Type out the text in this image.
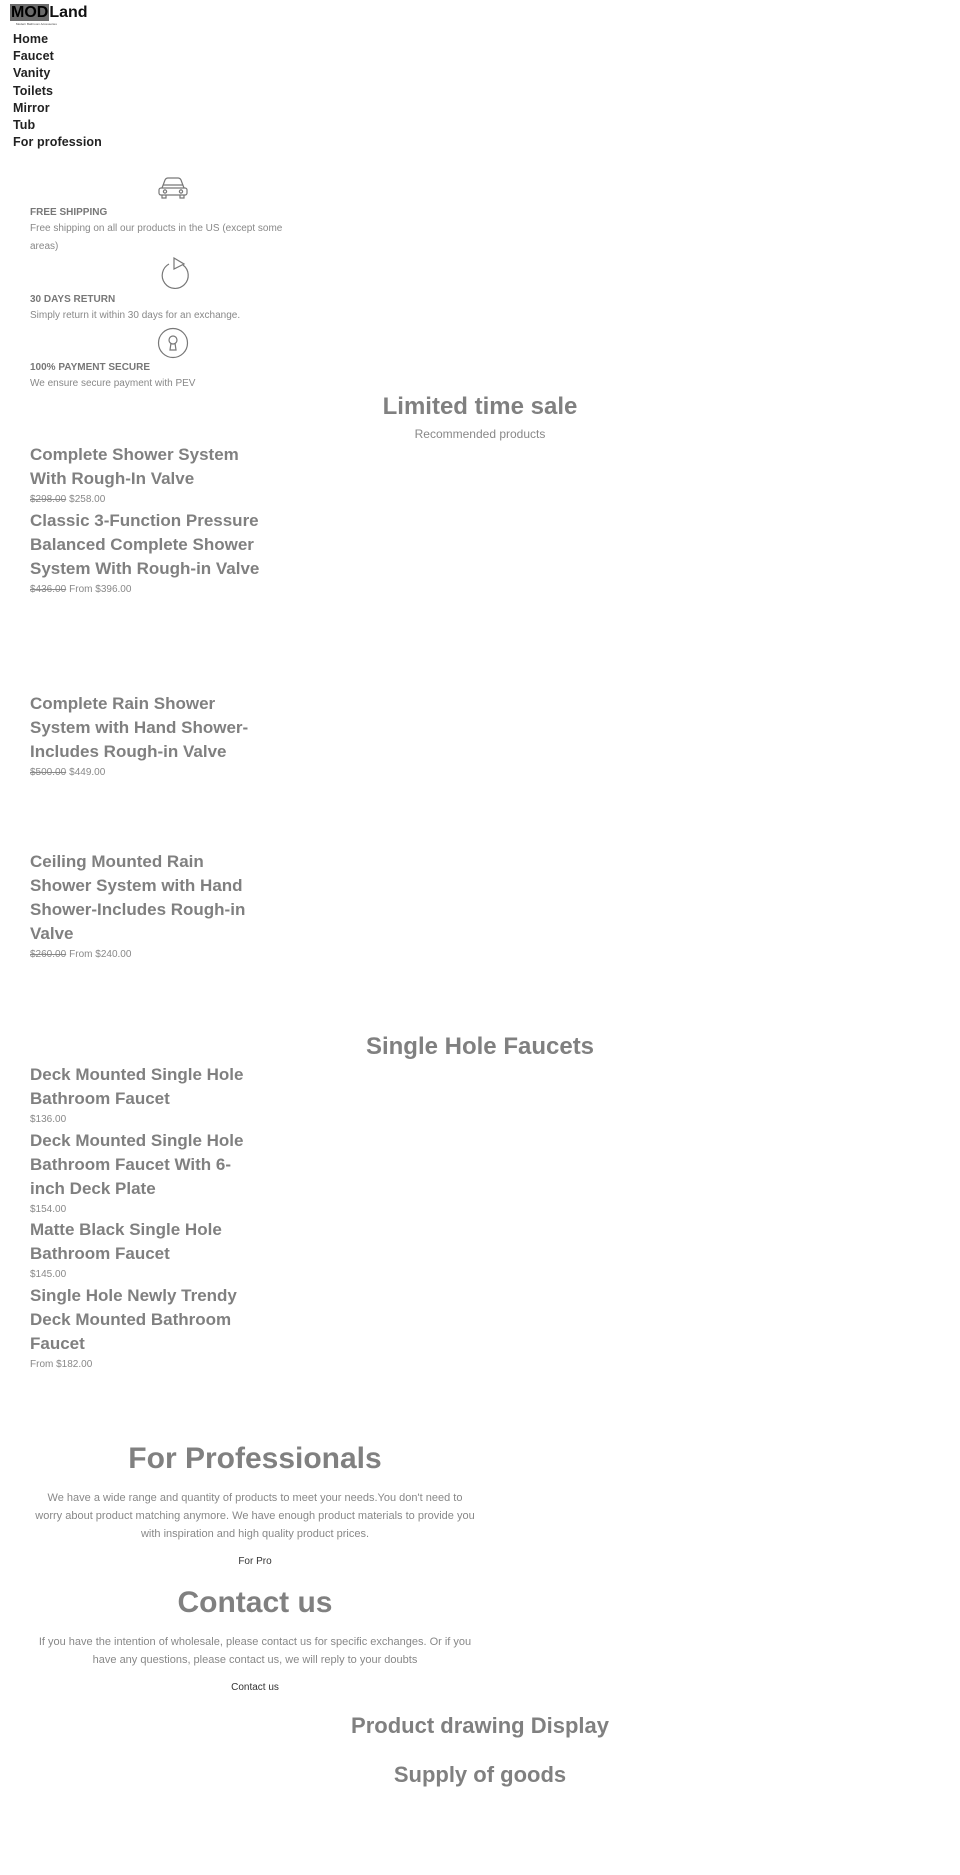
MOD Land
Modern Bathroom Accessories
Home
Faucet
Vanity
Toilets
Mirror
Tub
For profession
FREE SHIPPING
Free shipping on all our products in the US (except some areas)
30 DAYS RETURN
Simply return it within 30 days for an exchange.
100% PAYMENT SECURE
We ensure secure payment with PEV
Limited time sale
Recommended products
Complete Shower System With Rough-In Valve
$298.00 $258.00
Classic 3-Function Pressure Balanced Complete Shower System With Rough-in Valve
$436.00 From $396.00
Complete Rain Shower System with Hand Shower-Includes Rough-in Valve
$500.00 $449.00
Ceiling Mounted Rain Shower System with Hand Shower-Includes Rough-in Valve
$260.00 From $240.00
Single Hole Faucets
Deck Mounted Single Hole Bathroom Faucet
$136.00
Deck Mounted Single Hole Bathroom Faucet With 6-inch Deck Plate
$154.00
Matte Black Single Hole Bathroom Faucet
$145.00
Single Hole Newly Trendy Deck Mounted Bathroom Faucet
From $182.00
For Professionals
We have a wide range and quantity of products to meet your needs.You don't need to worry about product matching anymore. We have enough product materials to provide you with inspiration and high quality product prices.
For Pro
Contact us
If you have the intention of wholesale, please contact us for specific exchanges. Or if you have any questions, please contact us, we will reply to your doubts
Contact us
Product drawing Display
Supply of goods
